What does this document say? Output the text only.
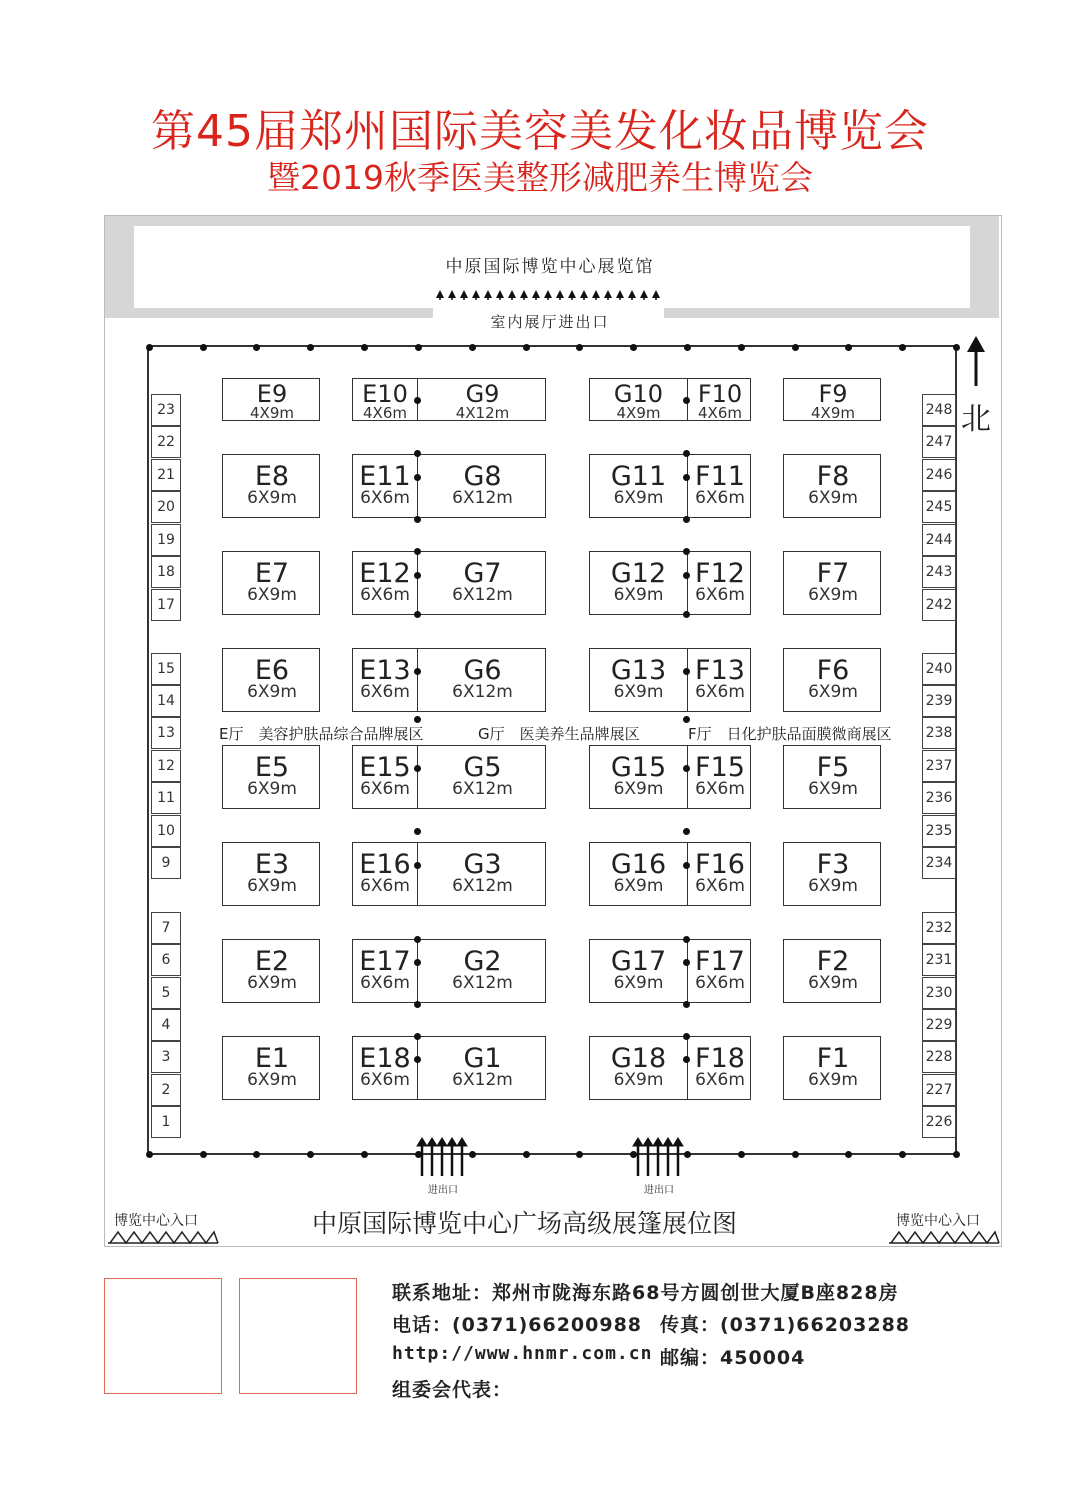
第45届郑州国际美容美发化妆品博览会
暨2019秋季医美整形减肥养生博览会
中原国际博览中心展览馆
室内展厅进出口
北
E厅　美容护肤品综合品牌展区	G厅　医美养生品牌展区	F厅　日化护肤品面膜微商展区
进出口	进出口
博览中心入口	博览中心入口
中原国际博览中心广场高级展篷展位图
E9
4X9m
E10
4X6m
G9
4X12m
G10
4X9m
F10
4X6m
F9
4X9m
E8
6X9m
E11
6X6m
G8
6X12m
G11
6X9m
F11
6X6m
F8
6X9m
E7
6X9m
E12
6X6m
G7
6X12m
G12
6X9m
F12
6X6m
F7
6X9m
E6
6X9m
E13
6X6m
G6
6X12m
G13
6X9m
F13
6X6m
F6
6X9m
E5
6X9m
E15
6X6m
G5
6X12m
G15
6X9m
F15
6X6m
F5
6X9m
E3
6X9m
E16
6X6m
G3
6X12m
G16
6X9m
F16
6X6m
F3
6X9m
E2
6X9m
E17
6X6m
G2
6X12m
G17
6X9m
F17
6X6m
F2
6X9m
E1
6X9m
E18
6X6m
G1
6X12m
G18
6X9m
F18
6X6m
F1
6X9m
23
22
21
20
19
18
17
15
14
13
12
11
10
9
7
6
5
4
3
2
1
248
247
246
245
244
243
242
240
239
238
237
236
235
234
232
231
230
229
228
227
226
联系地址：郑州市陇海东路68号方圆创世大厦B座828房
电话：(0371)66200988 传真：(0371)66203288
http://www.hnmr.com.cn 邮编：450004
组委会代表：
